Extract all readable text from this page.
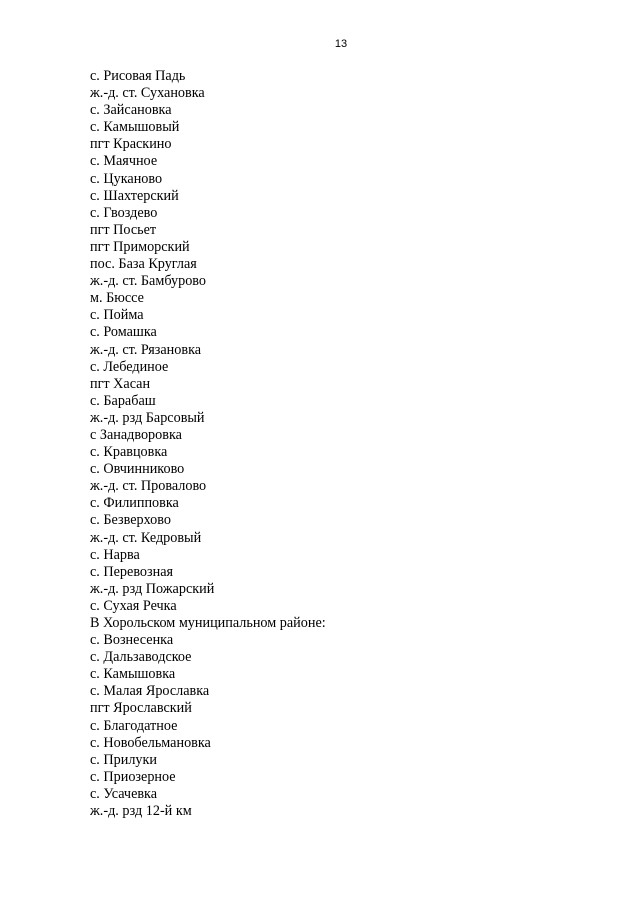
13
с. Рисовая Падь
ж.-д. ст. Сухановка
с. Зайсановка
с. Камышовый
пгт Краскино
с. Маячное
с. Цуканово
с. Шахтерский
с. Гвоздево
пгт Посьет
пгт Приморский
пос. База Круглая
ж.-д. ст. Бамбурово
м. Бюссе
с. Пойма
с. Ромашка
ж.-д. ст. Рязановка
с. Лебединое
пгт Хасан
с. Барабаш
ж.-д. рзд Барсовый
с Занадворовка
с. Кравцовка
с. Овчинниково
ж.-д. ст. Провалово
с. Филипповка
с. Безверхово
ж.-д. ст. Кедровый
с. Нарва
с. Перевозная
ж.-д. рзд Пожарский
с. Сухая Речка
В Хорольском муниципальном районе:
с. Вознесенка
с. Дальзаводское
с. Камышовка
с. Малая Ярославка
пгт Ярославский
с. Благодатное
с. Новобельмановка
с. Прилуки
с. Приозерное
с. Усачевка
ж.-д. рзд 12-й км
